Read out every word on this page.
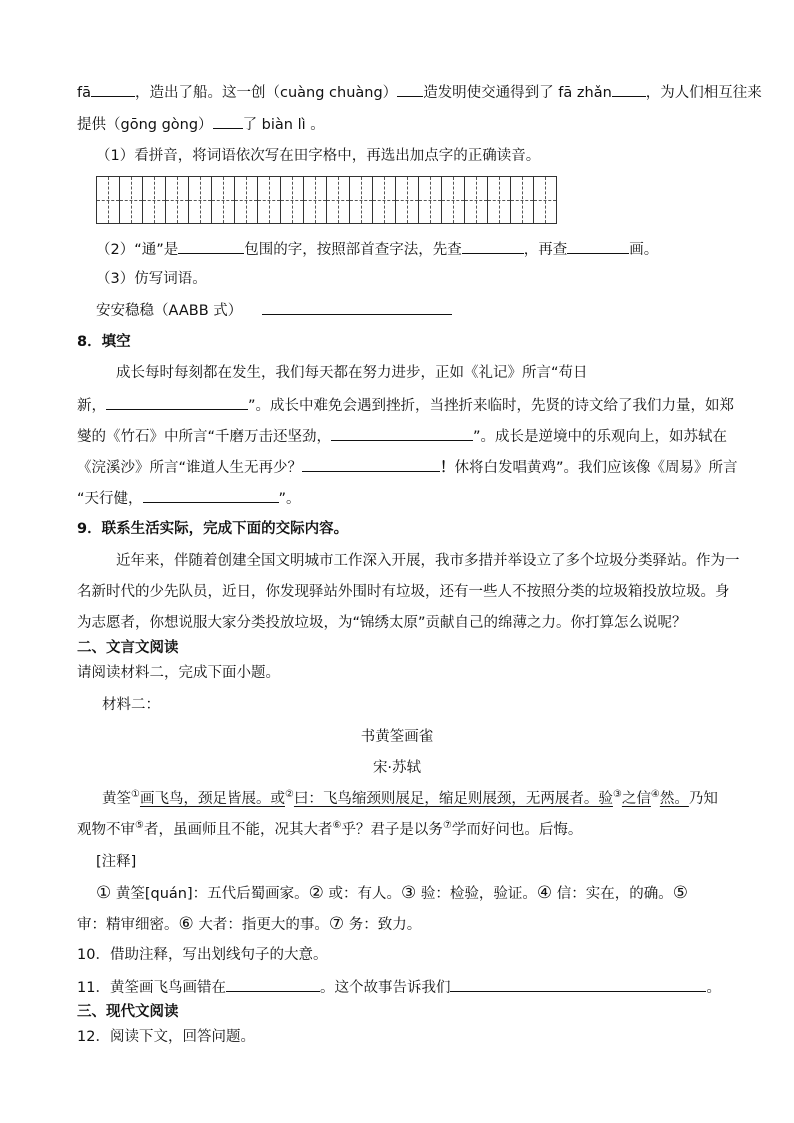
fā	，造出了船。这一创（cuàng chuàng） 造发明使交通得到了 fā zhǎn ，为人们相互往来
提供（gōng gòng） 了 biàn lì 。
（1）看拼音，将词语依次写在田字格中，再选出加点字的正确读音。
（2）“通”是	包围的字，按照部首查字法，先查	，再查	画。
（3）仿写词语。
安安稳稳（AABB 式）
8．填空
成长每时每刻都在发生，我们每天都在努力进步，正如《礼记》所言“苟日
新，	”。成长中难免会遇到挫折，当挫折来临时，先贤的诗文给了我们力量，如郑
燮的《竹石》中所言“千磨万击还坚劲，	”。成长是逆境中的乐观向上，如苏轼在
《浣溪沙》所言“谁道人生无再少？	！休将白发唱黄鸡”。我们应该像《周易》所言
“天行健，	”。
9．联系生活实际，完成下面的交际内容。
近年来，伴随着创建全国文明城市工作深入开展，我市多措并举设立了多个垃圾分类驿站。作为一
名新时代的少先队员，近日，你发现驿站外围时有垃圾，还有一些人不按照分类的垃圾箱投放垃圾。身
为志愿者，你想说服大家分类投放垃圾，为“锦绣太原”贡献自己的绵薄之力。你打算怎么说呢？
二、文言文阅读
请阅读材料二，完成下面小题。
材料二：
书黄筌画雀
宋·苏轼
黄筌①画飞鸟，颈足皆展。或②曰：飞鸟缩颈则展足，缩足则展颈，无两展者。验③之信④然。乃知
观物不审⑤者，虽画师且不能，况其大者⑥乎？君子是以务⑦学而好问也。后悔。
[注释]
① 黄筌[quán]：五代后蜀画家。② 或：有人。③ 验：检验，验证。④ 信：实在，的确。⑤
审：精审细密。⑥ 大者：指更大的事。⑦ 务：致力。
10．借助注释，写出划线句子的大意。
11．黄筌画飞鸟画错在	。这个故事告诉我们	。
三、现代文阅读
12．阅读下文，回答问题。
